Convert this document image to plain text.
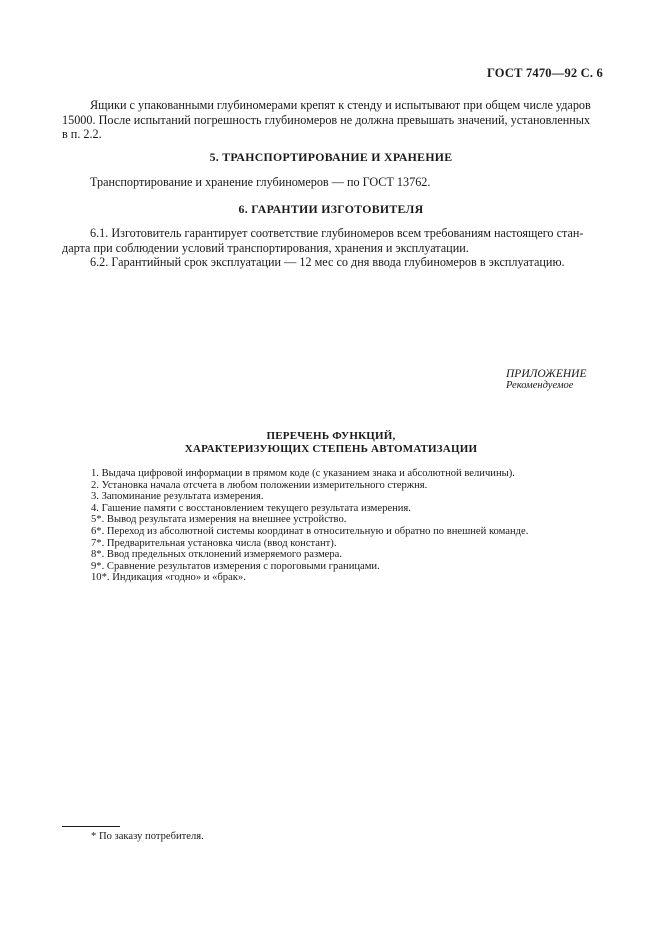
ГОСТ 7470—92 С. 6
Ящики с упакованными глубиномерами крепят к стенду и испытывают при общем числе ударов
15000. После испытаний погрешность глубиномеров не должна превышать значений, установленных
в п. 2.2.
5. ТРАНСПОРТИРОВАНИЕ И ХРАНЕНИЕ
Транспортирование и хранение глубиномеров — по ГОСТ 13762.
6. ГАРАНТИИ ИЗГОТОВИТЕЛЯ
6.1. Изготовитель гарантирует соответствие глубиномеров всем требованиям настоящего стан-
дарта при соблюдении условий транспортирования, хранения и эксплуатации.
6.2. Гарантийный срок эксплуатации — 12 мес со дня ввода глубиномеров в эксплуатацию.
ПРИЛОЖЕНИЕ
Рекомендуемое
ПЕРЕЧЕНЬ ФУНКЦИЙ,
ХАРАКТЕРИЗУЮЩИХ СТЕПЕНЬ АВТОМАТИЗАЦИИ
1. Выдача цифровой информации в прямом коде (с указанием знака и абсолютной величины).
2. Установка начала отсчета в любом положении измерительного стержня.
3. Запоминание результата измерения.
4. Гашение памяти с восстановлением текущего результата измерения.
5*. Вывод результата измерения на внешнее устройство.
6*. Переход из абсолютной системы координат в относительную и обратно по внешней команде.
7*. Предварительная установка числа (ввод констант).
8*. Ввод предельных отклонений измеряемого размера.
9*. Сравнение результатов измерения с пороговыми границами.
10*. Индикация «годно» и «брак».
* По заказу потребителя.
